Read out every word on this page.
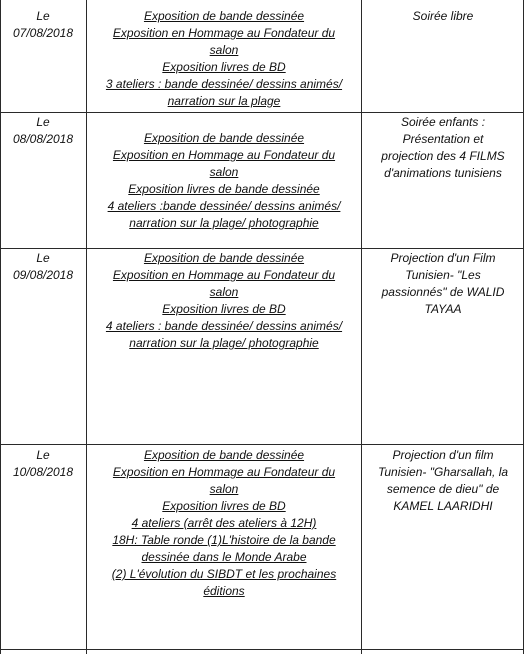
Le
07/08/2018
Exposition de bande dessinée
Exposition en Hommage au Fondateur du
salon
Exposition livres de BD
3 ateliers : bande dessinée/ dessins animés/
narration sur la plage
Soirée libre
Le
08/08/2018	Exposition de bande dessinée
Exposition en Hommage au Fondateur du
salon
Exposition livres de bande dessinée
4 ateliers :bande dessinée/ dessins animés/
narration sur la plage/ photographie
Soirée enfants :
Présentation et
projection des 4 FILMS
d'animations tunisiens
Le
09/08/2018
Exposition de bande dessinée
Exposition en Hommage au Fondateur du
salon
Exposition livres de BD
4 ateliers : bande dessinée/ dessins animés/
narration sur la plage/ photographie
Projection d'un Film
Tunisien- "Les
passionnés" de WALID
TAYAA
Le
10/08/2018
Exposition de bande dessinée
Exposition en Hommage au Fondateur du
salon
Exposition livres de BD
4 ateliers (arrêt des ateliers à 12H)
18H: Table ronde (1)L'histoire de la bande
dessinée dans le Monde Arabe
(2) L'évolution du SIBDT et les prochaines
éditions
Projection d'un film
Tunisien- "Gharsallah, la
semence de dieu" de
KAMEL LAARIDHI
